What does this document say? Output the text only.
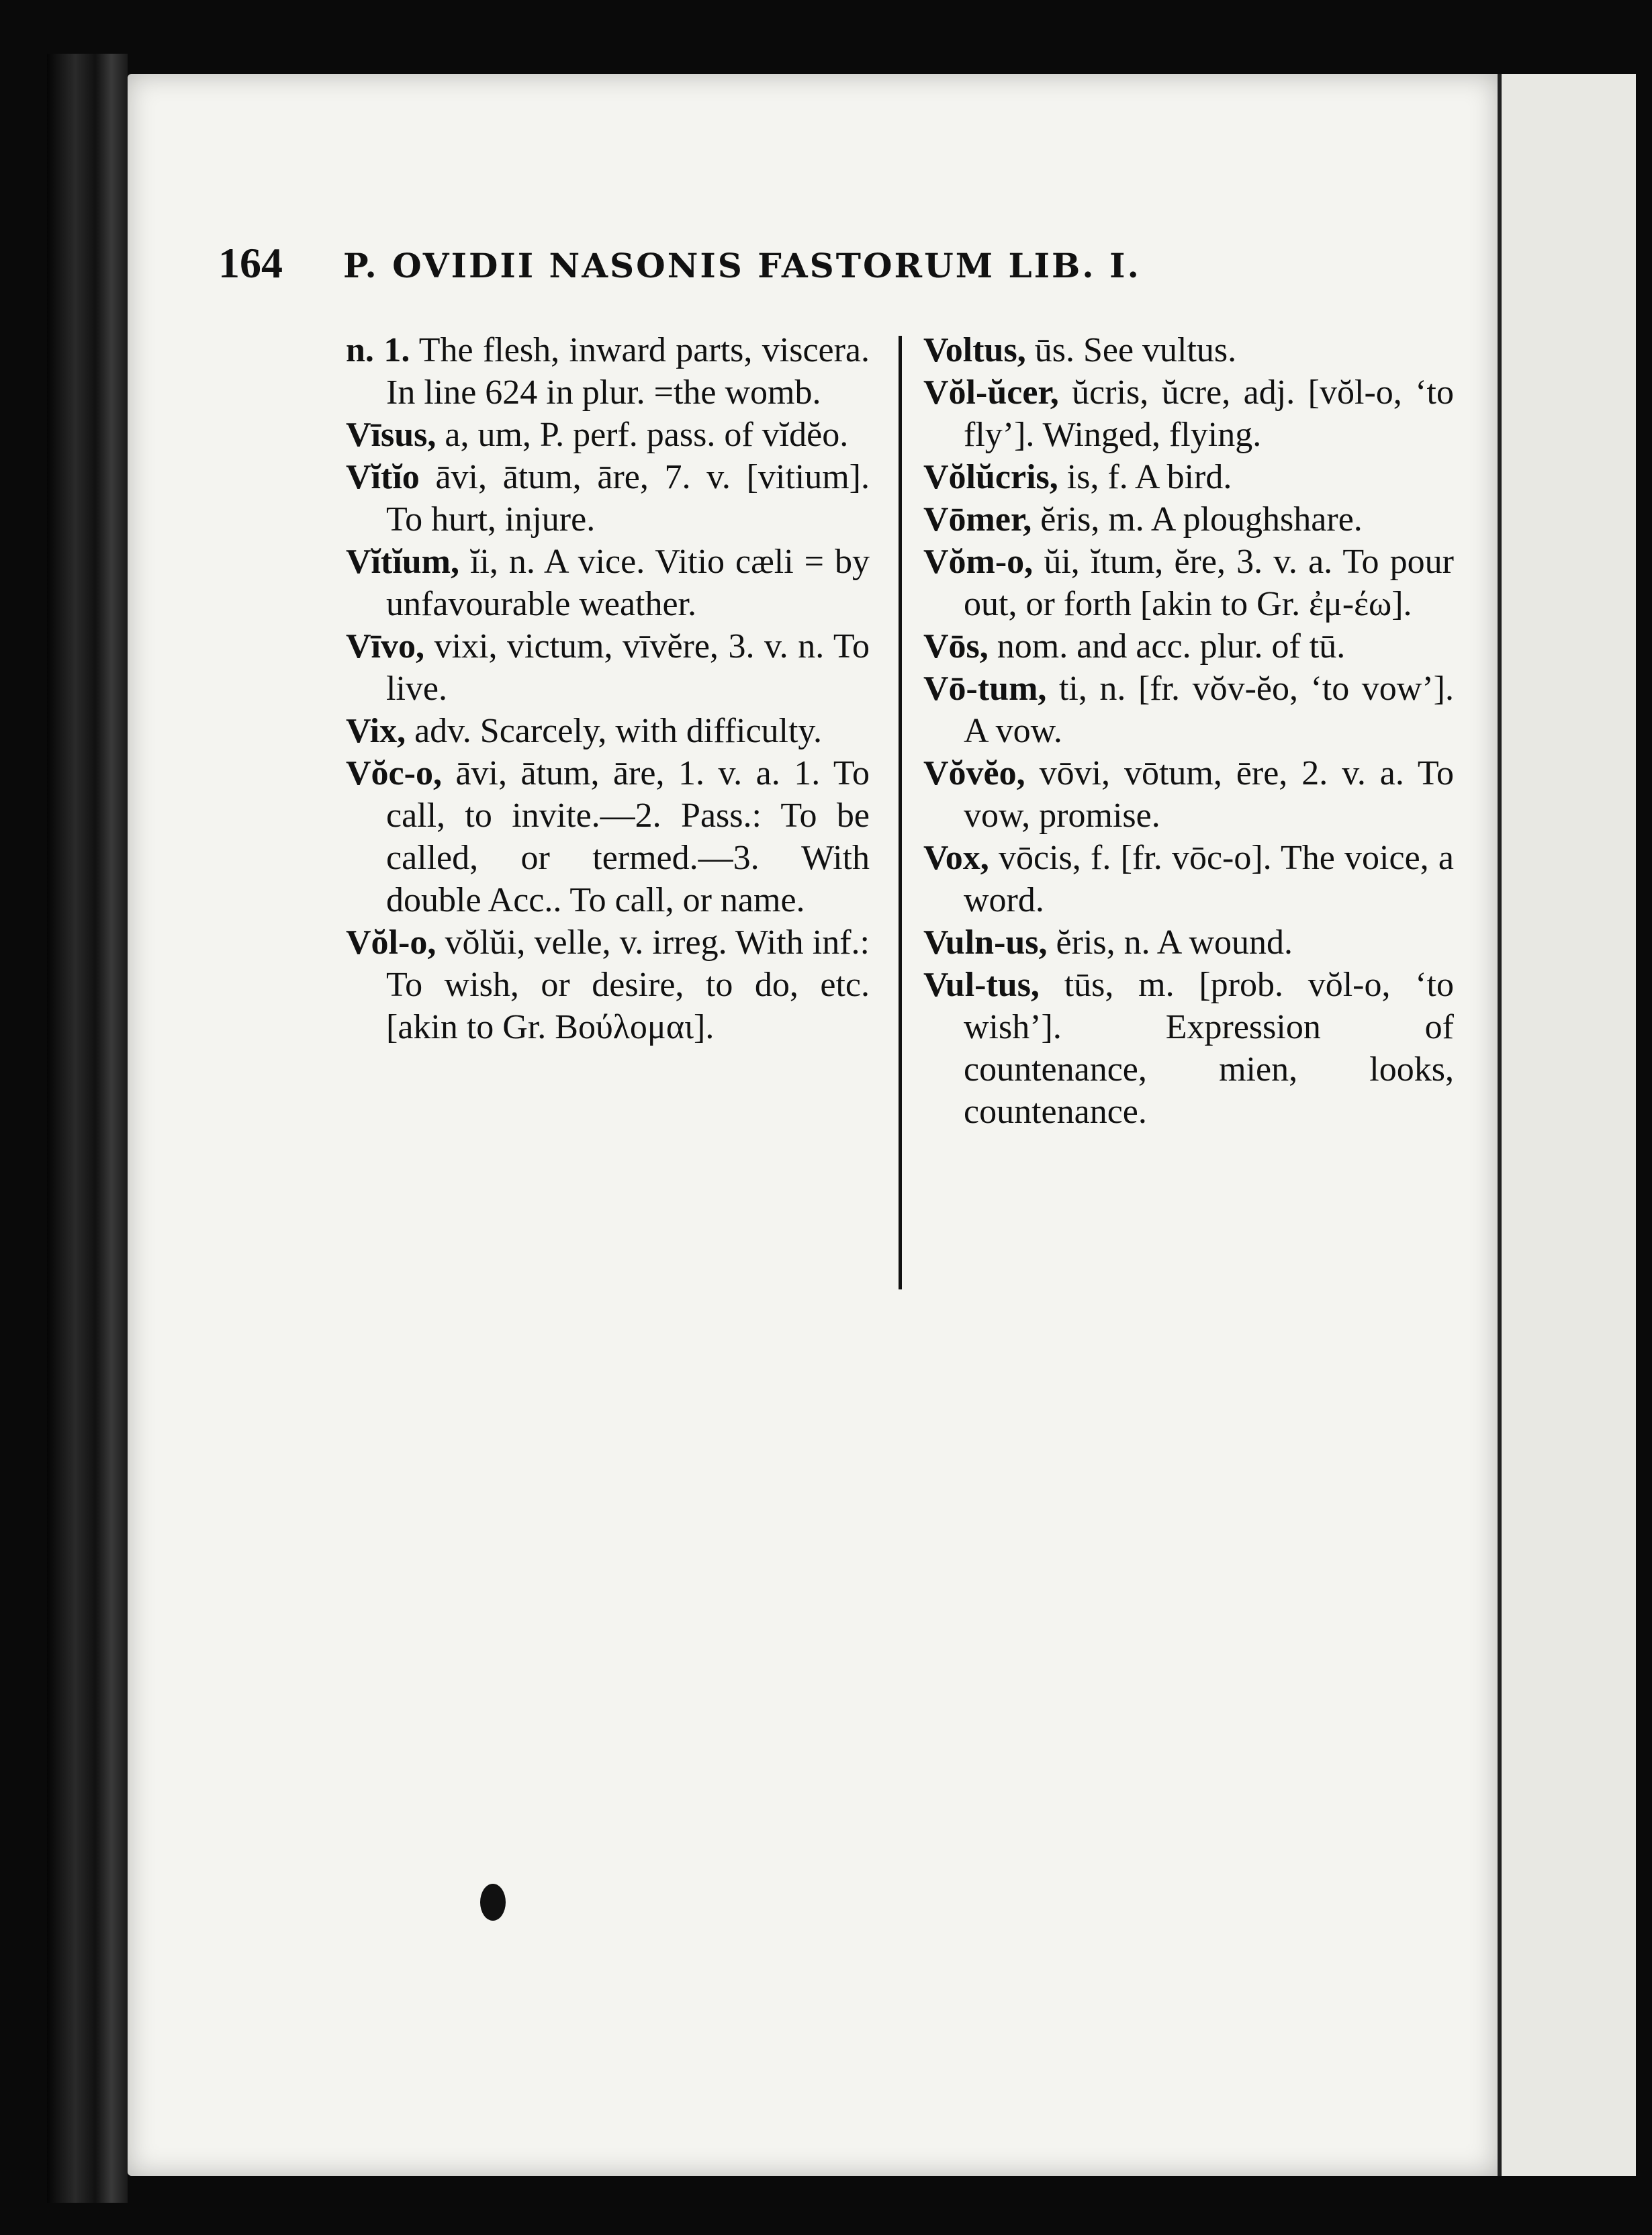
164 P. OVIDII NASONIS FASTORUM LIB. I.

n. 1. The flesh, inward parts, viscera. In line 624 in plur. =the womb.

Vīsus, a, um, P. perf. pass. of vĭdĕo.

Vĭtĭo āvi, ātum, āre, 7. v. [vitium]. To hurt, injure.

Vĭtĭum, ĭi, n. A vice. Vitio cæli = by unfavourable weather.

Vīvo, vixi, victum, vīvĕre, 3. v. n. To live.

Vix, adv. Scarcely, with difficulty.

Vŏc-o, āvi, ātum, āre, 1. v. a. 1. To call, to invite.—2. Pass.: To be called, or termed.—3. With double Acc.. To call, or name.

Vŏl-o, vŏlŭi, velle, v. irreg. With inf.: To wish, or desire, to do, etc. [akin to Gr. Βούλομαι].

Voltus, ūs. See vultus.

Vŏl-ŭcer, ŭcris, ŭcre, adj. [vŏl-o, ‘to fly’]. Winged, flying.

Vŏlŭcris, is, f. A bird.

Vōmer, ĕris, m. A ploughshare.

Vŏm-o, ŭi, ĭtum, ĕre, 3. v. a. To pour out, or forth [akin to Gr. ἐμ-έω].

Vōs, nom. and acc. plur. of tū.

Vō-tum, ti, n. [fr. vŏv-ĕo, ‘to vow’]. A vow.

Vŏvĕo, vōvi, vōtum, ēre, 2. v. a. To vow, promise.

Vox, vōcis, f. [fr. vōc-o]. The voice, a word.

Vuln-us, ĕris, n. A wound.

Vul-tus, tūs, m. [prob. vŏl-o, ‘to wish’]. Expression of countenance, mien, looks, countenance.
